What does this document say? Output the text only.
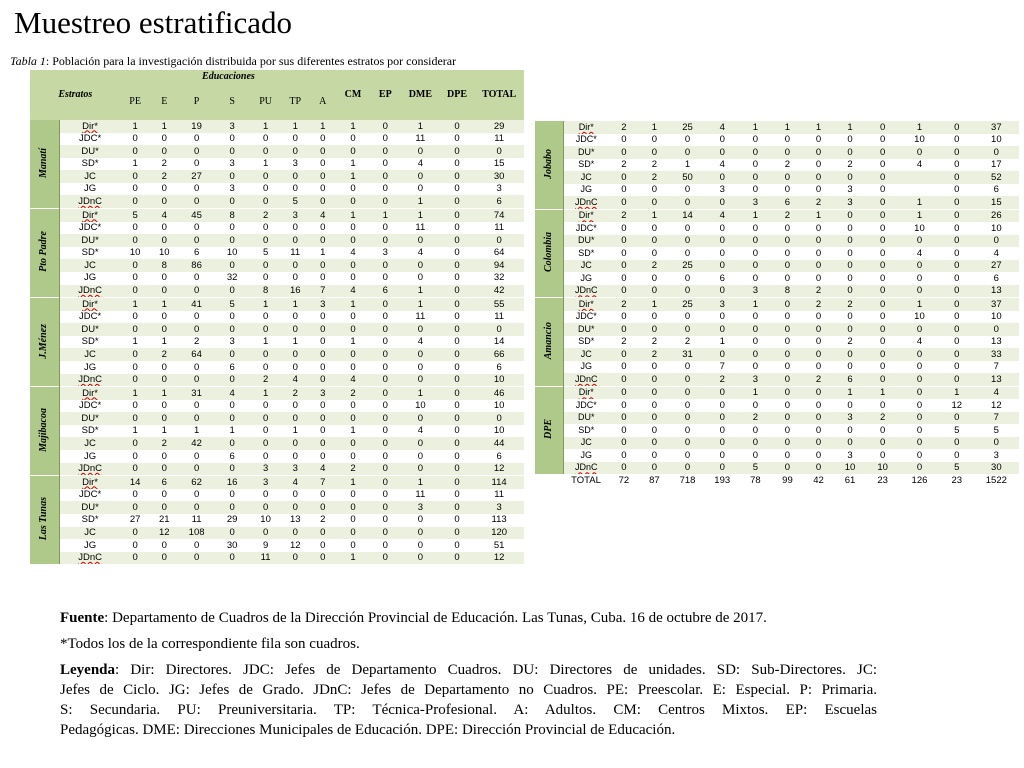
Muestreo estratificado
Tabla 1: Población para la investigación distribuida por sus diferentes estratos por considerar
Estratos		Educaciones							CM	EP	DME	DPE	TOTAL
		PE	E	P	S	PU	TP	A					
Manatí	Dir*	1	1	19	3	1	1	1	1	0	1	0	29
	JDC*	0	0	0	0	0	0	0	0	0	11	0	11
	DU*	0	0	0	0	0	0	0	0	0	0	0	0
	SD*	1	2	0	3	1	3	0	1	0	4	0	15
	JC	0	2	27	0	0	0	0	1	0	0	0	30
	JG	0	0	0	3	0	0	0	0	0	0	0	3
	JDnC	0	0	0	0	0	5	0	0	0	1	0	6
Pto Padre	Dir*	5	4	45	8	2	3	4	1	1	1	0	74
	JDC*	0	0	0	0	0	0	0	0	0	11	0	11
	DU*	0	0	0	0	0	0	0	0	0	0	0	0
	SD*	10	10	6	10	5	11	1	4	3	4	0	64
	JC	0	8	86	0	0	0	0	0	0	0	0	94
	JG	0	0	0	32	0	0	0	0	0	0	0	32
	JDnC	0	0	0	0	8	16	7	4	6	1	0	42
J.Ménez	Dir*	1	1	41	5	1	1	3	1	0	1	0	55
	JDC*	0	0	0	0	0	0	0	0	0	11	0	11
	DU*	0	0	0	0	0	0	0	0	0	0	0	0
	SD*	1	1	2	3	1	1	0	1	0	4	0	14
	JC	0	2	64	0	0	0	0	0	0	0	0	66
	JG	0	0	0	6	0	0	0	0	0	0	0	6
	JDnC	0	0	0	0	2	4	0	4	0	0	0	10
Majibacoa	Dir*	1	1	31	4	1	2	3	2	0	1	0	46
	JDC*	0	0	0	0	0	0	0	0	0	10	0	10
	DU*	0	0	0	0	0	0	0	0	0	0	0	0
	SD*	1	1	1	1	0	1	0	1	0	4	0	10
	JC	0	2	42	0	0	0	0	0	0	0	0	44
	JG	0	0	0	6	0	0	0	0	0	0	0	6
	JDnC	0	0	0	0	3	3	4	2	0	0	0	12
Las Tunas	Dir*	14	6	62	16	3	4	7	1	0	1	0	114
	JDC*	0	0	0	0	0	0	0	0	0	11	0	11
	DU*	0	0	0	0	0	0	0	0	0	3	0	3
	SD*	27	21	11	29	10	13	2	0	0	0	0	113
	JC	0	12	108	0	0	0	0	0	0	0	0	120
	JG	0	0	0	30	9	12	0	0	0	0	0	51
	JDnC	0	0	0	0	11	0	0	1	0	0	0	12
Jobabo	Dir*	2	1	25	4	1	1	1	1	0	1	0	37
	JDC*	0	0	0	0	0	0	0	0	0	10	0	10
	DU*	0	0	0	0	0	0	0	0	0	0	0	0
	SD*	2	2	1	4	0	2	0	2	0	4	0	17
	JC	0	2	50	0	0	0	0	0	0		0	52
	JG	0	0	0	3	0	0	0	3	0		0	6
	JDnC	0	0	0	0	3	6	2	3	0	1	0	15
Colombia	Dir*	2	1	14	4	1	2	1	0	0	1	0	26
	JDC*	0	0	0	0	0	0	0	0	0	10	0	10
	DU*	0	0	0	0	0	0	0	0	0	0	0	0
	SD*	0	0	0	0	0	0	0	0	0	4	0	4
	JC	0	2	25	0	0	0	0	0	0	0	0	27
	JG	0	0	0	6	0	0	0	0	0	0	0	6
	JDnC	0	0	0	0	3	8	2	0	0	0	0	13
Amancio	Dir*	2	1	25	3	1	0	2	2	0	1	0	37
	JDC*	0	0	0	0	0	0	0	0	0	10	0	10
	DU*	0	0	0	0	0	0	0	0	0	0	0	0
	SD*	2	2	2	1	0	0	0	2	0	4	0	13
	JC	0	2	31	0	0	0	0	0	0	0	0	33
	JG	0	0	0	7	0	0	0	0	0	0	0	7
	JDnC	0	0	0	2	3	0	2	6	0	0	0	13
DPE	Dir*	0	0	0	0	1	0	0	1	1	0	1	4
	JDC*	0	0	0	0	0	0	0	0	0	0	12	12
	DU*	0	0	0	0	2	0	0	3	2	0	0	7
	SD*	0	0	0	0	0	0	0	0	0	0	5	5
	JC	0	0	0	0	0	0	0	0	0	0	0	0
	JG	0	0	0	0	0	0	0	3	0	0	0	3
	JDnC	0	0	0	0	5	0	0	10	10	0	5	30
	TOTAL	72	87	718	193	78	99	42	61	23	126	23	1522

Fuente: Departamento de Cuadros de la Dirección Provincial de Educación. Las Tunas, Cuba. 16 de octubre de 2017.

*Todos los de la correspondiente fila son cuadros.

Leyenda: Dir: Directores. JDC: Jefes de Departamento Cuadros. DU: Directores de unidades. SD: Sub-Directores. JC:
Jefes de Ciclo. JG: Jefes de Grado. JDnC: Jefes de Departamento no Cuadros. PE: Preescolar. E: Especial. P: Primaria.
S: Secundaria. PU: Preuniversitaria. TP: Técnica-Profesional. A: Adultos. CM: Centros Mixtos. EP: Escuelas
Pedagógicas. DME: Direcciones Municipales de Educación. DPE: Dirección Provincial de Educación.
